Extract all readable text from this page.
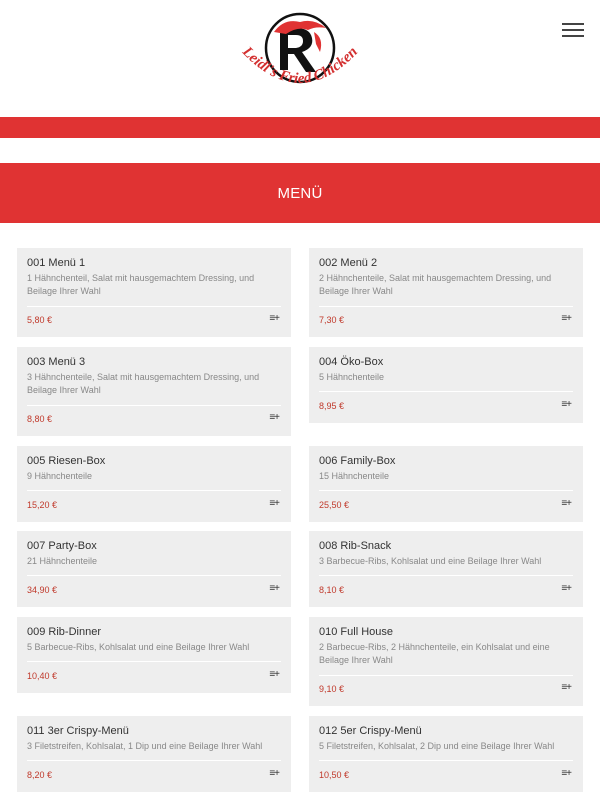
Leidl's Fried Chicken
MENÜ
001 Menü 1
1 Hähnchenteil, Salat mit hausgemachtem Dressing, und Beilage Ihrer Wahl
5,80 €	≡+
002 Menü 2
2 Hähnchenteile, Salat mit hausgemachtem Dressing, und Beilage Ihrer Wahl
7,30 €	≡+
003 Menü 3
3 Hähnchenteile, Salat mit hausgemachtem Dressing, und Beilage Ihrer Wahl
8,80 €	≡+
004 Öko-Box
5 Hähnchenteile
8,95 €	≡+
005 Riesen-Box
9 Hähnchenteile
15,20 €	≡+
006 Family-Box
15 Hähnchenteile
25,50 €	≡+
007 Party-Box
21 Hähnchenteile
34,90 €	≡+
008 Rib-Snack
3 Barbecue-Ribs, Kohlsalat und eine Beilage Ihrer Wahl
8,10 €	≡+
009 Rib-Dinner
5 Barbecue-Ribs, Kohlsalat und eine Beilage Ihrer Wahl
10,40 €	≡+
010 Full House
2 Barbecue-Ribs, 2 Hähnchenteile, ein Kohlsalat und eine Beilage Ihrer Wahl
9,10 €	≡+
011 3er Crispy-Menü
3 Filetstreifen, Kohlsalat, 1 Dip und eine Beilage Ihrer Wahl
8,20 €	≡+
012 5er Crispy-Menü
5 Filetstreifen, Kohlsalat, 2 Dip und eine Beilage Ihrer Wahl
10,50 €	≡+
